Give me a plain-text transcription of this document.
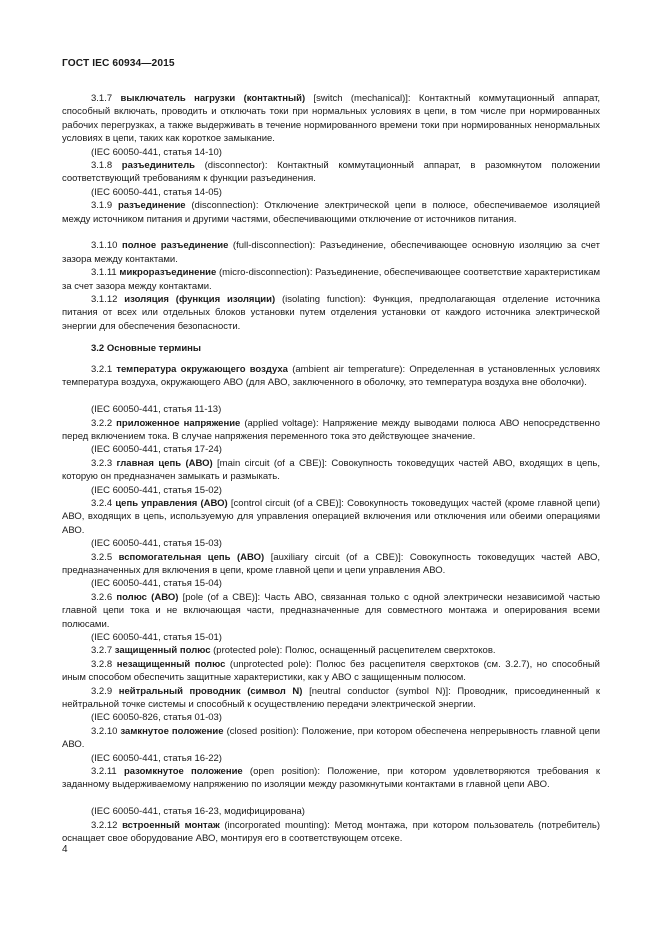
ГОСТ IEC 60934—2015

3.1.7 выключатель нагрузки (контактный) [switch (mechanical)]: Контактный коммутационный аппарат, способный включать, проводить и отключать токи при нормальных условиях в цепи, в том числе при нормированных рабочих перегрузках, а также выдерживать в течение нормированного времени токи при нормированных ненормальных условиях в цепи, таких как короткое замыкание.

(IEC 60050-441, статья 14-10)

3.1.8 разъединитель (disconnector): Контактный коммутационный аппарат, в разомкнутом положении соответствующий требованиям к функции разъединения.

(IEC 60050-441, статья 14-05)

3.1.9 разъединение (disconnection): Отключение электрической цепи в полюсе, обеспечиваемое изоляцией между источником питания и другими частями, обеспечивающими отключение от источников питания.

3.1.10 полное разъединение (full-disconnection): Разъединение, обеспечивающее основную изоляцию за счет зазора между контактами.

3.1.11 микроразъединение (micro-disconnection): Разъединение, обеспечивающее соответствие характеристикам за счет зазора между контактами.

3.1.12 изоляция (функция изоляции) (isolating function): Функция, предполагающая отделение источника питания от всех или отдельных блоков установки путем отделения установки от каждого источника электрической энергии для обеспечения безопасности.

3.2 Основные термины

3.2.1 температура окружающего воздуха (ambient air temperature): Определенная в установленных условиях температура воздуха, окружающего АВО (для АВО, заключенного в оболочку, это температура воздуха вне оболочки).

(IEC 60050-441, статья 11-13)

3.2.2 приложенное напряжение (applied voltage): Напряжение между выводами полюса АВО непосредственно перед включением тока. В случае напряжения переменного тока это действующее значение.

(IEC 60050-441, статья 17-24)

3.2.3 главная цепь (АВО) [main circuit (of a CBE)]: Совокупность токоведущих частей АВО, входящих в цепь, которую он предназначен замыкать и размыкать.

(IEC 60050-441, статья 15-02)

3.2.4 цепь управления (АВО) [control circuit (of a CBE)]: Совокупность токоведущих частей (кроме главной цепи) АВО, входящих в цепь, используемую для управления операцией включения или отключения или обеими операциями АВО.

(IEC 60050-441, статья 15-03)

3.2.5 вспомогательная цепь (АВО) [auxiliary circuit (of a CBE)]: Совокупность токоведущих частей АВО, предназначенных для включения в цепи, кроме главной цепи и цепи управления АВО.

(IEC 60050-441, статья 15-04)

3.2.6 полюс (АВО) [pole (of a CBE)]: Часть АВО, связанная только с одной электрически независимой частью главной цепи тока и не включающая части, предназначенные для совместного монтажа и оперирования всеми полюсами.

(IEC 60050-441, статья 15-01)

3.2.7 защищенный полюс (protected pole): Полюс, оснащенный расцепителем сверхтоков.

3.2.8 незащищенный полюс (unprotected pole): Полюс без расцепителя сверхтоков (см. 3.2.7), но способный иным способом обеспечить защитные характеристики, как у АВО с защищенным полюсом.

3.2.9 нейтральный проводник (символ N) [neutral conductor (symbol N)]: Проводник, присоединенный к нейтральной точке системы и способный к осуществлению передачи электрической энергии.

(IEC 60050-826, статья 01-03)

3.2.10 замкнутое положение (closed position): Положение, при котором обеспечена непрерывность главной цепи АВО.

(IEC 60050-441, статья 16-22)

3.2.11 разомкнутое положение (open position): Положение, при котором удовлетворяются требования к заданному выдерживаемому напряжению по изоляции между разомкнутыми контактами в главной цепи АВО.

(IEC 60050-441, статья 16-23, модифицирована)

3.2.12 встроенный монтаж (incorporated mounting): Метод монтажа, при котором пользователь (потребитель) оснащает свое оборудование АВО, монтируя его в соответствующем отсеке.

4
